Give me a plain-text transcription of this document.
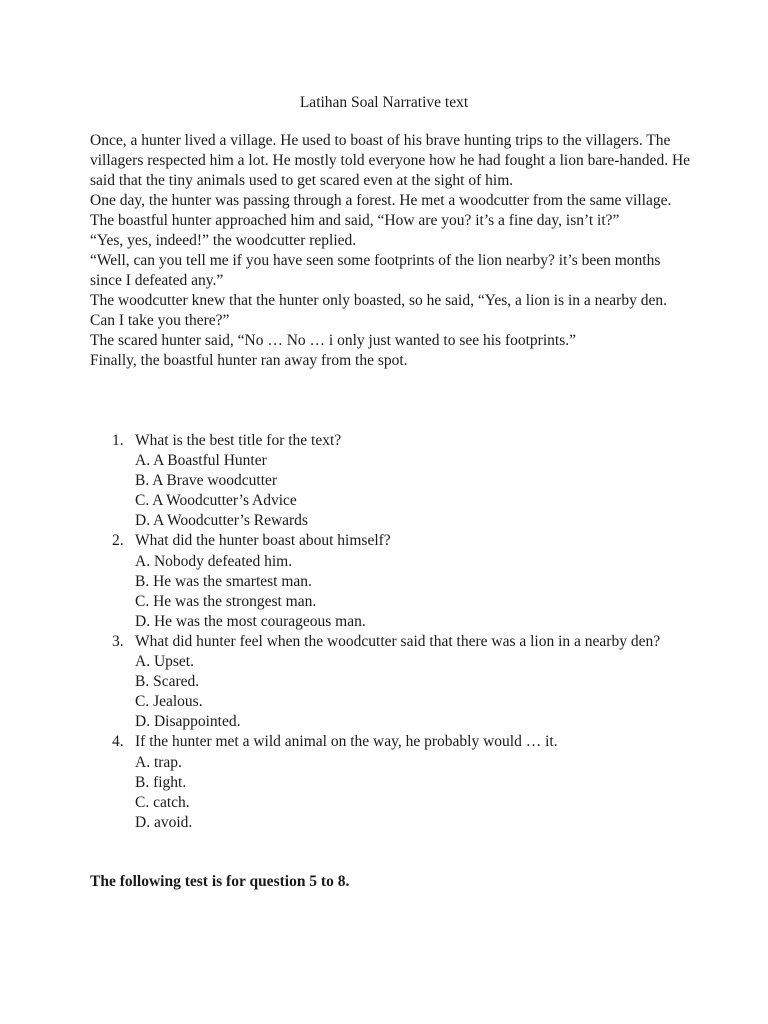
Latihan Soal Narrative text

Once, a hunter lived a village. He used to boast of his brave hunting trips to the villagers. The villagers respected him a lot. He mostly told everyone how he had fought a lion bare-handed. He said that the tiny animals used to get scared even at the sight of him.

One day, the hunter was passing through a forest. He met a woodcutter from the same village.

The boastful hunter approached him and said, “How are you? it’s a fine day, isn’t it?”

“Yes, yes, indeed!” the woodcutter replied.

“Well, can you tell me if you have seen some footprints of the lion nearby? it’s been months since I defeated any.”

The woodcutter knew that the hunter only boasted, so he said, “Yes, a lion is in a nearby den. Can I take you there?”

The scared hunter said, “No … No … i only just wanted to see his footprints.”

Finally, the boastful hunter ran away from the spot.

1. What is the best title for the text?
A. A Boastful Hunter
B. A Brave woodcutter
C. A Woodcutter’s Advice
D. A Woodcutter’s Rewards
2. What did the hunter boast about himself?
A. Nobody defeated him.
B. He was the smartest man.
C. He was the strongest man.
D. He was the most courageous man.
3. What did hunter feel when the woodcutter said that there was a lion in a nearby den?
A. Upset.
B. Scared.
C. Jealous.
D. Disappointed.
4. If the hunter met a wild animal on the way, he probably would … it.
A. trap.
B. fight.
C. catch.
D. avoid.
The following test is for question 5 to 8.
